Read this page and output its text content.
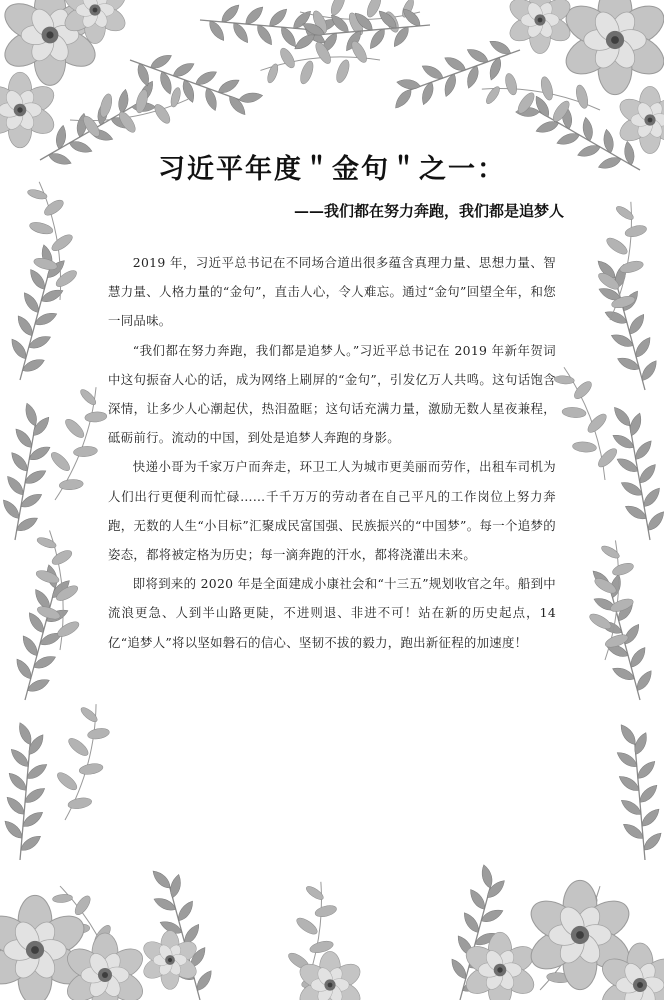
习近平年度＂金句＂之一：
——我们都在努力奔跑，我们都是追梦人

2019 年，习近平总书记在不同场合道出很多蕴含真理力量、思想力量、智慧力量、人格力量的“金句”，直击人心，令人难忘。通过“金句”回望全年，和您一同品味。

“我们都在努力奔跑，我们都是追梦人。”习近平总书记在 2019 年新年贺词中这句振奋人心的话，成为网络上刷屏的“金句”，引发亿万人共鸣。这句话饱含深情，让多少人心潮起伏，热泪盈眶；这句话充满力量，激励无数人星夜兼程，砥砺前行。流动的中国，到处是追梦人奔跑的身影。

快递小哥为千家万户而奔走，环卫工人为城市更美丽而劳作，出租车司机为人们出行更便利而忙碌……千千万万的劳动者在自己平凡的工作岗位上努力奔跑，无数的人生“小目标”汇聚成民富国强、民族振兴的“中国梦”。每一个追梦的姿态，都将被定格为历史；每一滴奔跑的汗水，都将浇灌出未来。

即将到来的 2020 年是全面建成小康社会和“十三五”规划收官之年。船到中流浪更急、人到半山路更陡，不进则退、非进不可！站在新的历史起点，14 亿“追梦人”将以坚如磐石的信心、坚韧不拔的毅力，跑出新征程的加速度！
